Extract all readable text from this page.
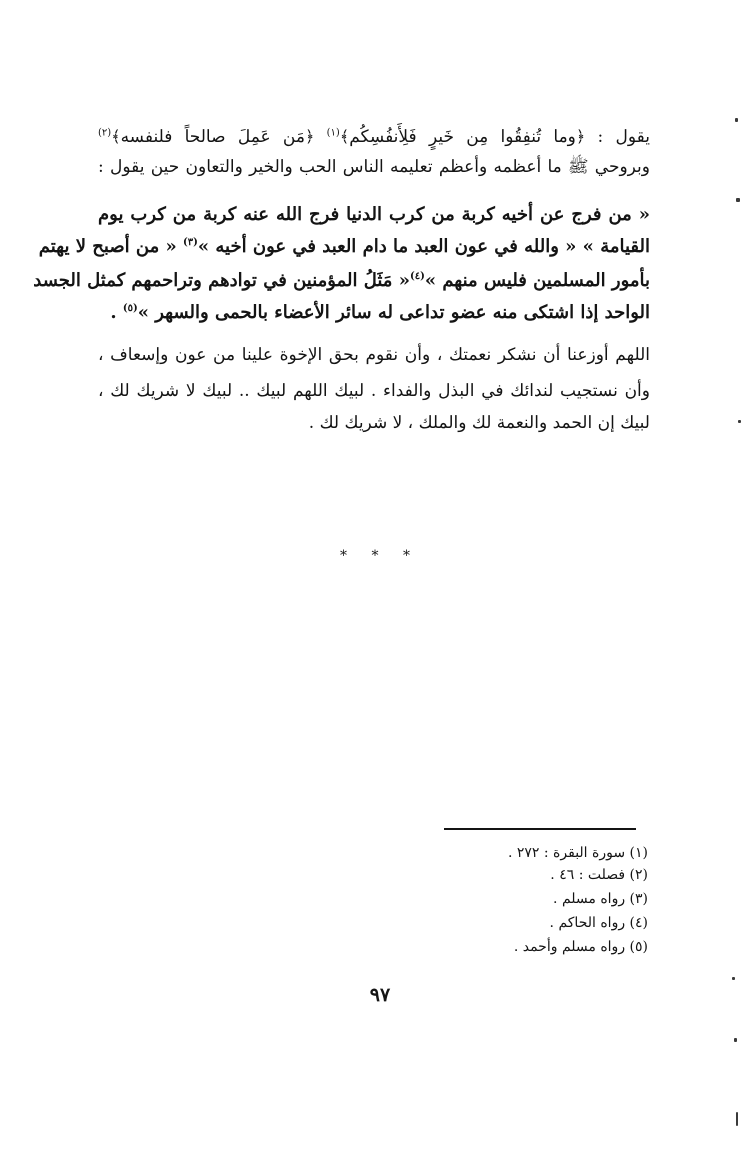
يقول : ﴿وما تُنفِقُوا مِن خَيرٍ فَلِأَنفُسِكُم﴾$^{(١)}$ ﴿مَن عَمِلَ صالحاً فلنفسه﴾$^{(٢)}$
وبروحي ﷺ ما أعظمه وأعظم تعليمه الناس الحب والخير والتعاون حين يقول :
« من فرج عن أخيه كربة من كرب الدنيا فرج الله عنه كربة من كرب يوم
القيامة » « والله في عون العبد ما دام العبد في عون أخيه »$^{(٣)}$ « من أصبح لا يهتم
بأمور المسلمين فليس منهم »$^{(٤)}$« مَثَلُ المؤمنين في توادهم وتراحمهم كمثل الجسد
الواحد إذا اشتكى منه عضو تداعى له سائر الأعضاء بالحمى والسهر »$^{(٥)}$ .
اللهم أوزعنا أن نشكر نعمتك ، وأن نقوم بحق الإخوة علينا من عون وإسعاف ،
وأن نستجيب لندائك في البذل والفداء . لبيك اللهم لبيك .. لبيك لا شريك لك ،
لبيك إن الحمد والنعمة لك والملك ، لا شريك لك .
* * *
(١) سورة البقرة : ٢٧٢ .
(٢) فصلت : ٤٦ .
(٣) رواه مسلم .
(٤) رواه الحاكم .
(٥) رواه مسلم وأحمد .
٩٧
